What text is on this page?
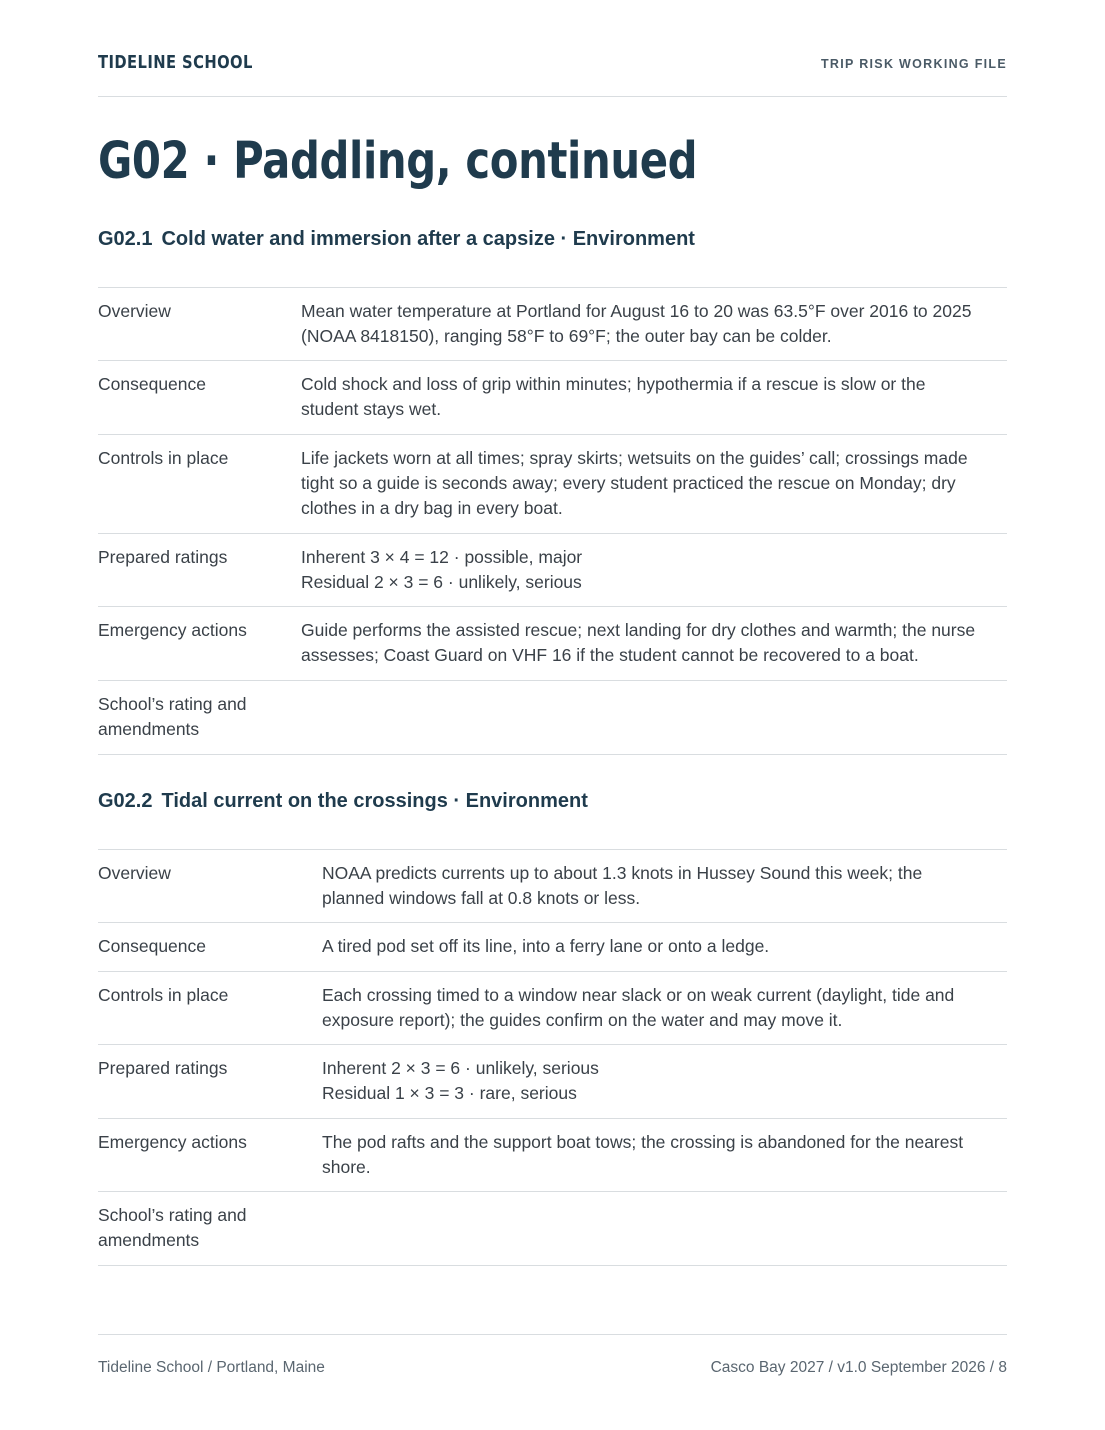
TIDELINE SCHOOL	TRIP RISK WORKING FILE
G02 · Paddling, continued
G02.1 Cold water and immersion after a capsize · Environment
Overview	Mean water temperature at Portland for August 16 to 20 was 63.5°F over 2016 to 2025
(NOAA 8418150), ranging 58°F to 69°F; the outer bay can be colder.
Consequence	Cold shock and loss of grip within minutes; hypothermia if a rescue is slow or the
student stays wet.
Controls in place	Life jackets worn at all times; spray skirts; wetsuits on the guides’ call; crossings made
tight so a guide is seconds away; every student practiced the rescue on Monday; dry
clothes in a dry bag in every boat.
Prepared ratings	Inherent 3 × 4 = 12 · possible, major
Residual 2 × 3 = 6 · unlikely, serious
Emergency actions	Guide performs the assisted rescue; next landing for dry clothes and warmth; the nurse
assesses; Coast Guard on VHF 16 if the student cannot be recovered to a boat.
School’s rating and
amendments
G02.2 Tidal current on the crossings · Environment
Overview	NOAA predicts currents up to about 1.3 knots in Hussey Sound this week; the
planned windows fall at 0.8 knots or less.
Consequence	A tired pod set off its line, into a ferry lane or onto a ledge.
Controls in place	Each crossing timed to a window near slack or on weak current (daylight, tide and
exposure report); the guides confirm on the water and may move it.
Prepared ratings	Inherent 2 × 3 = 6 · unlikely, serious
Residual 1 × 3 = 3 · rare, serious
Emergency actions	The pod rafts and the support boat tows; the crossing is abandoned for the nearest
shore.
School’s rating and
amendments
Tideline School / Portland, Maine	Casco Bay 2027 / v1.0 September 2026 / 8
